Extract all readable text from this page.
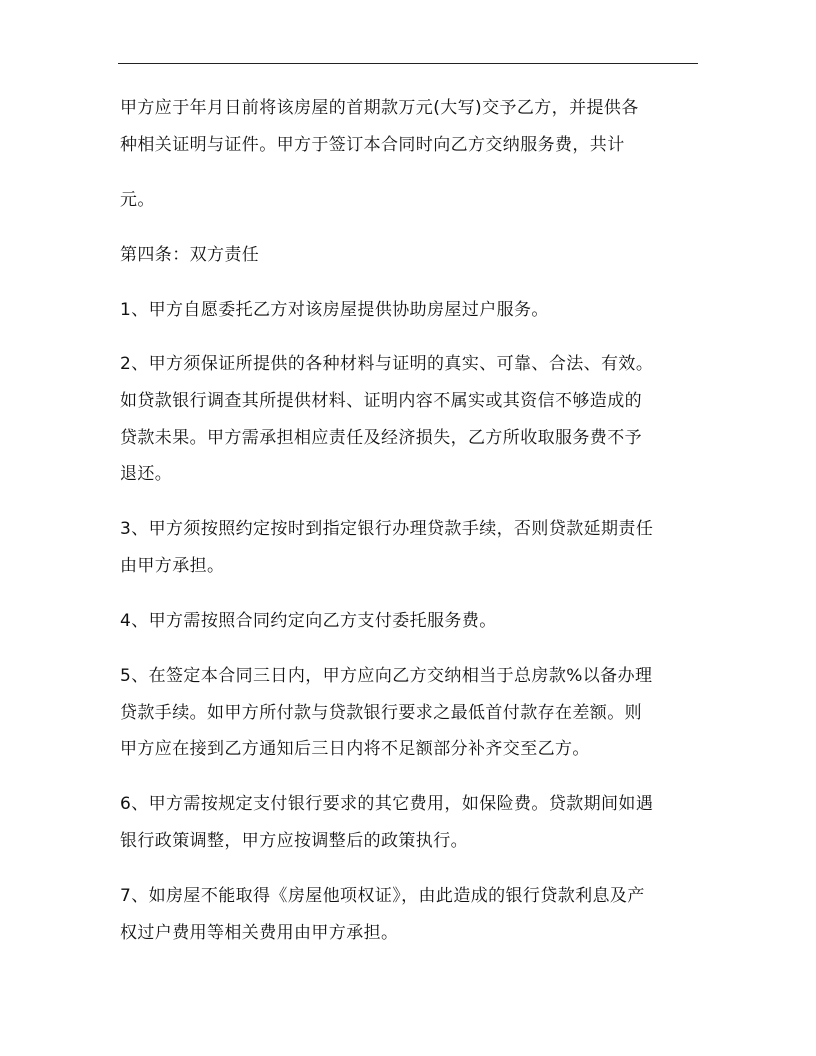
甲方应于年月日前将该房屋的首期款万元(大写)交予乙方，并提供各
种相关证明与证件。甲方于签订本合同时向乙方交纳服务费，共计
元。
第四条：双方责任
1、甲方自愿委托乙方对该房屋提供协助房屋过户服务。
2、甲方须保证所提供的各种材料与证明的真实、可靠、合法、有效。
如贷款银行调查其所提供材料、证明内容不属实或其资信不够造成的
贷款未果。甲方需承担相应责任及经济损失，乙方所收取服务费不予
退还。
3、甲方须按照约定按时到指定银行办理贷款手续，否则贷款延期责任
由甲方承担。
4、甲方需按照合同约定向乙方支付委托服务费。
5、在签定本合同三日内，甲方应向乙方交纳相当于总房款%以备办理
贷款手续。如甲方所付款与贷款银行要求之最低首付款存在差额。则
甲方应在接到乙方通知后三日内将不足额部分补齐交至乙方。
6、甲方需按规定支付银行要求的其它费用，如保险费。贷款期间如遇
银行政策调整，甲方应按调整后的政策执行。
7、如房屋不能取得《房屋他项权证》，由此造成的银行贷款利息及产
权过户费用等相关费用由甲方承担。
